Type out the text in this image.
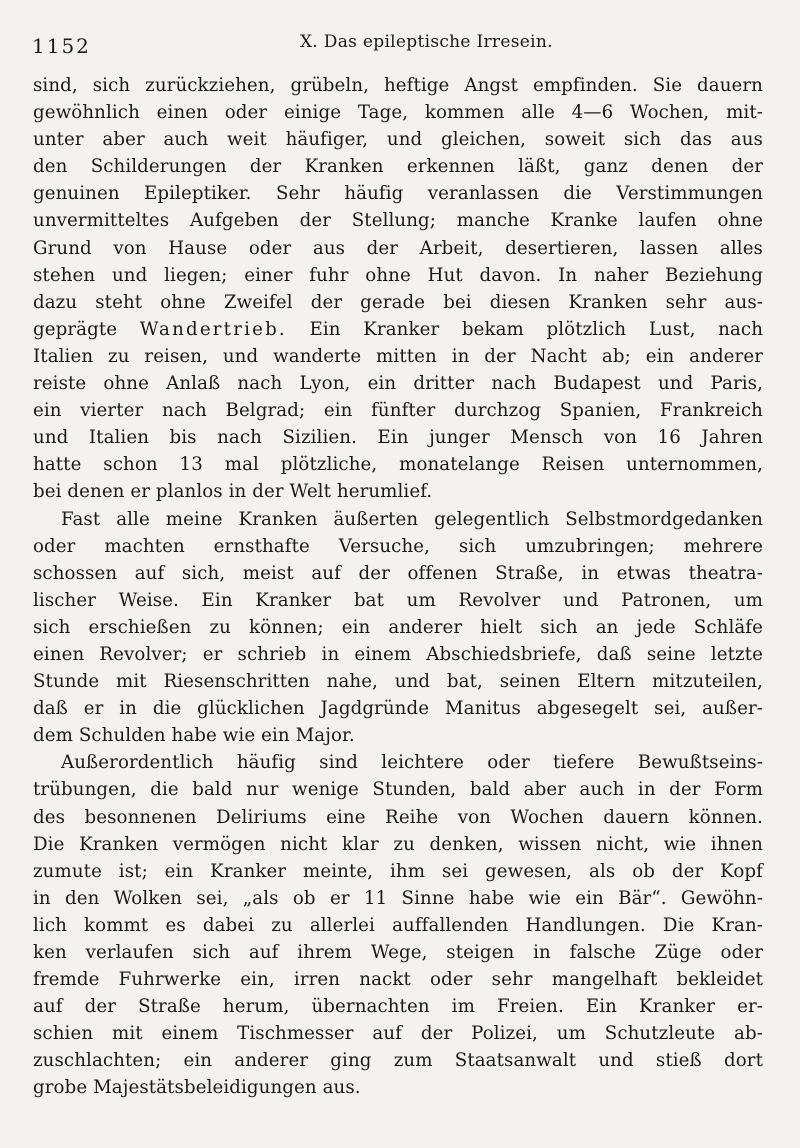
1152	X. Das epileptische Irresein.
sind, sich zurückziehen, grübeln, heftige Angst empfinden. Sie dauern
gewöhnlich einen oder einige Tage, kommen alle 4—6 Wochen, mit-
unter aber auch weit häufiger, und gleichen, soweit sich das aus
den Schilderungen der Kranken erkennen läßt, ganz denen der
genuinen Epileptiker. Sehr häufig veranlassen die Verstimmungen
unvermitteltes Aufgeben der Stellung; manche Kranke laufen ohne
Grund von Hause oder aus der Arbeit, desertieren, lassen alles
stehen und liegen; einer fuhr ohne Hut davon. In naher Beziehung
dazu steht ohne Zweifel der gerade bei diesen Kranken sehr aus-
geprägte Wandertrieb. Ein Kranker bekam plötzlich Lust, nach
Italien zu reisen, und wanderte mitten in der Nacht ab; ein anderer
reiste ohne Anlaß nach Lyon, ein dritter nach Budapest und Paris,
ein vierter nach Belgrad; ein fünfter durchzog Spanien, Frankreich
und Italien bis nach Sizilien. Ein junger Mensch von 16 Jahren
hatte schon 13 mal plötzliche, monatelange Reisen unternommen,
bei denen er planlos in der Welt herumlief.
Fast alle meine Kranken äußerten gelegentlich Selbstmordgedanken
oder machten ernsthafte Versuche, sich umzubringen; mehrere
schossen auf sich, meist auf der offenen Straße, in etwas theatra-
lischer Weise. Ein Kranker bat um Revolver und Patronen, um
sich erschießen zu können; ein anderer hielt sich an jede Schläfe
einen Revolver; er schrieb in einem Abschiedsbriefe, daß seine letzte
Stunde mit Riesenschritten nahe, und bat, seinen Eltern mitzuteilen,
daß er in die glücklichen Jagdgründe Manitus abgesegelt sei, außer-
dem Schulden habe wie ein Major.
Außerordentlich häufig sind leichtere oder tiefere Bewußtseins-
trübungen, die bald nur wenige Stunden, bald aber auch in der Form
des besonnenen Deliriums eine Reihe von Wochen dauern können.
Die Kranken vermögen nicht klar zu denken, wissen nicht, wie ihnen
zumute ist; ein Kranker meinte, ihm sei gewesen, als ob der Kopf
in den Wolken sei, „als ob er 11 Sinne habe wie ein Bär“. Gewöhn-
lich kommt es dabei zu allerlei auffallenden Handlungen. Die Kran-
ken verlaufen sich auf ihrem Wege, steigen in falsche Züge oder
fremde Fuhrwerke ein, irren nackt oder sehr mangelhaft bekleidet
auf der Straße herum, übernachten im Freien. Ein Kranker er-
schien mit einem Tischmesser auf der Polizei, um Schutzleute ab-
zuschlachten; ein anderer ging zum Staatsanwalt und stieß dort
grobe Majestätsbeleidigungen aus.
